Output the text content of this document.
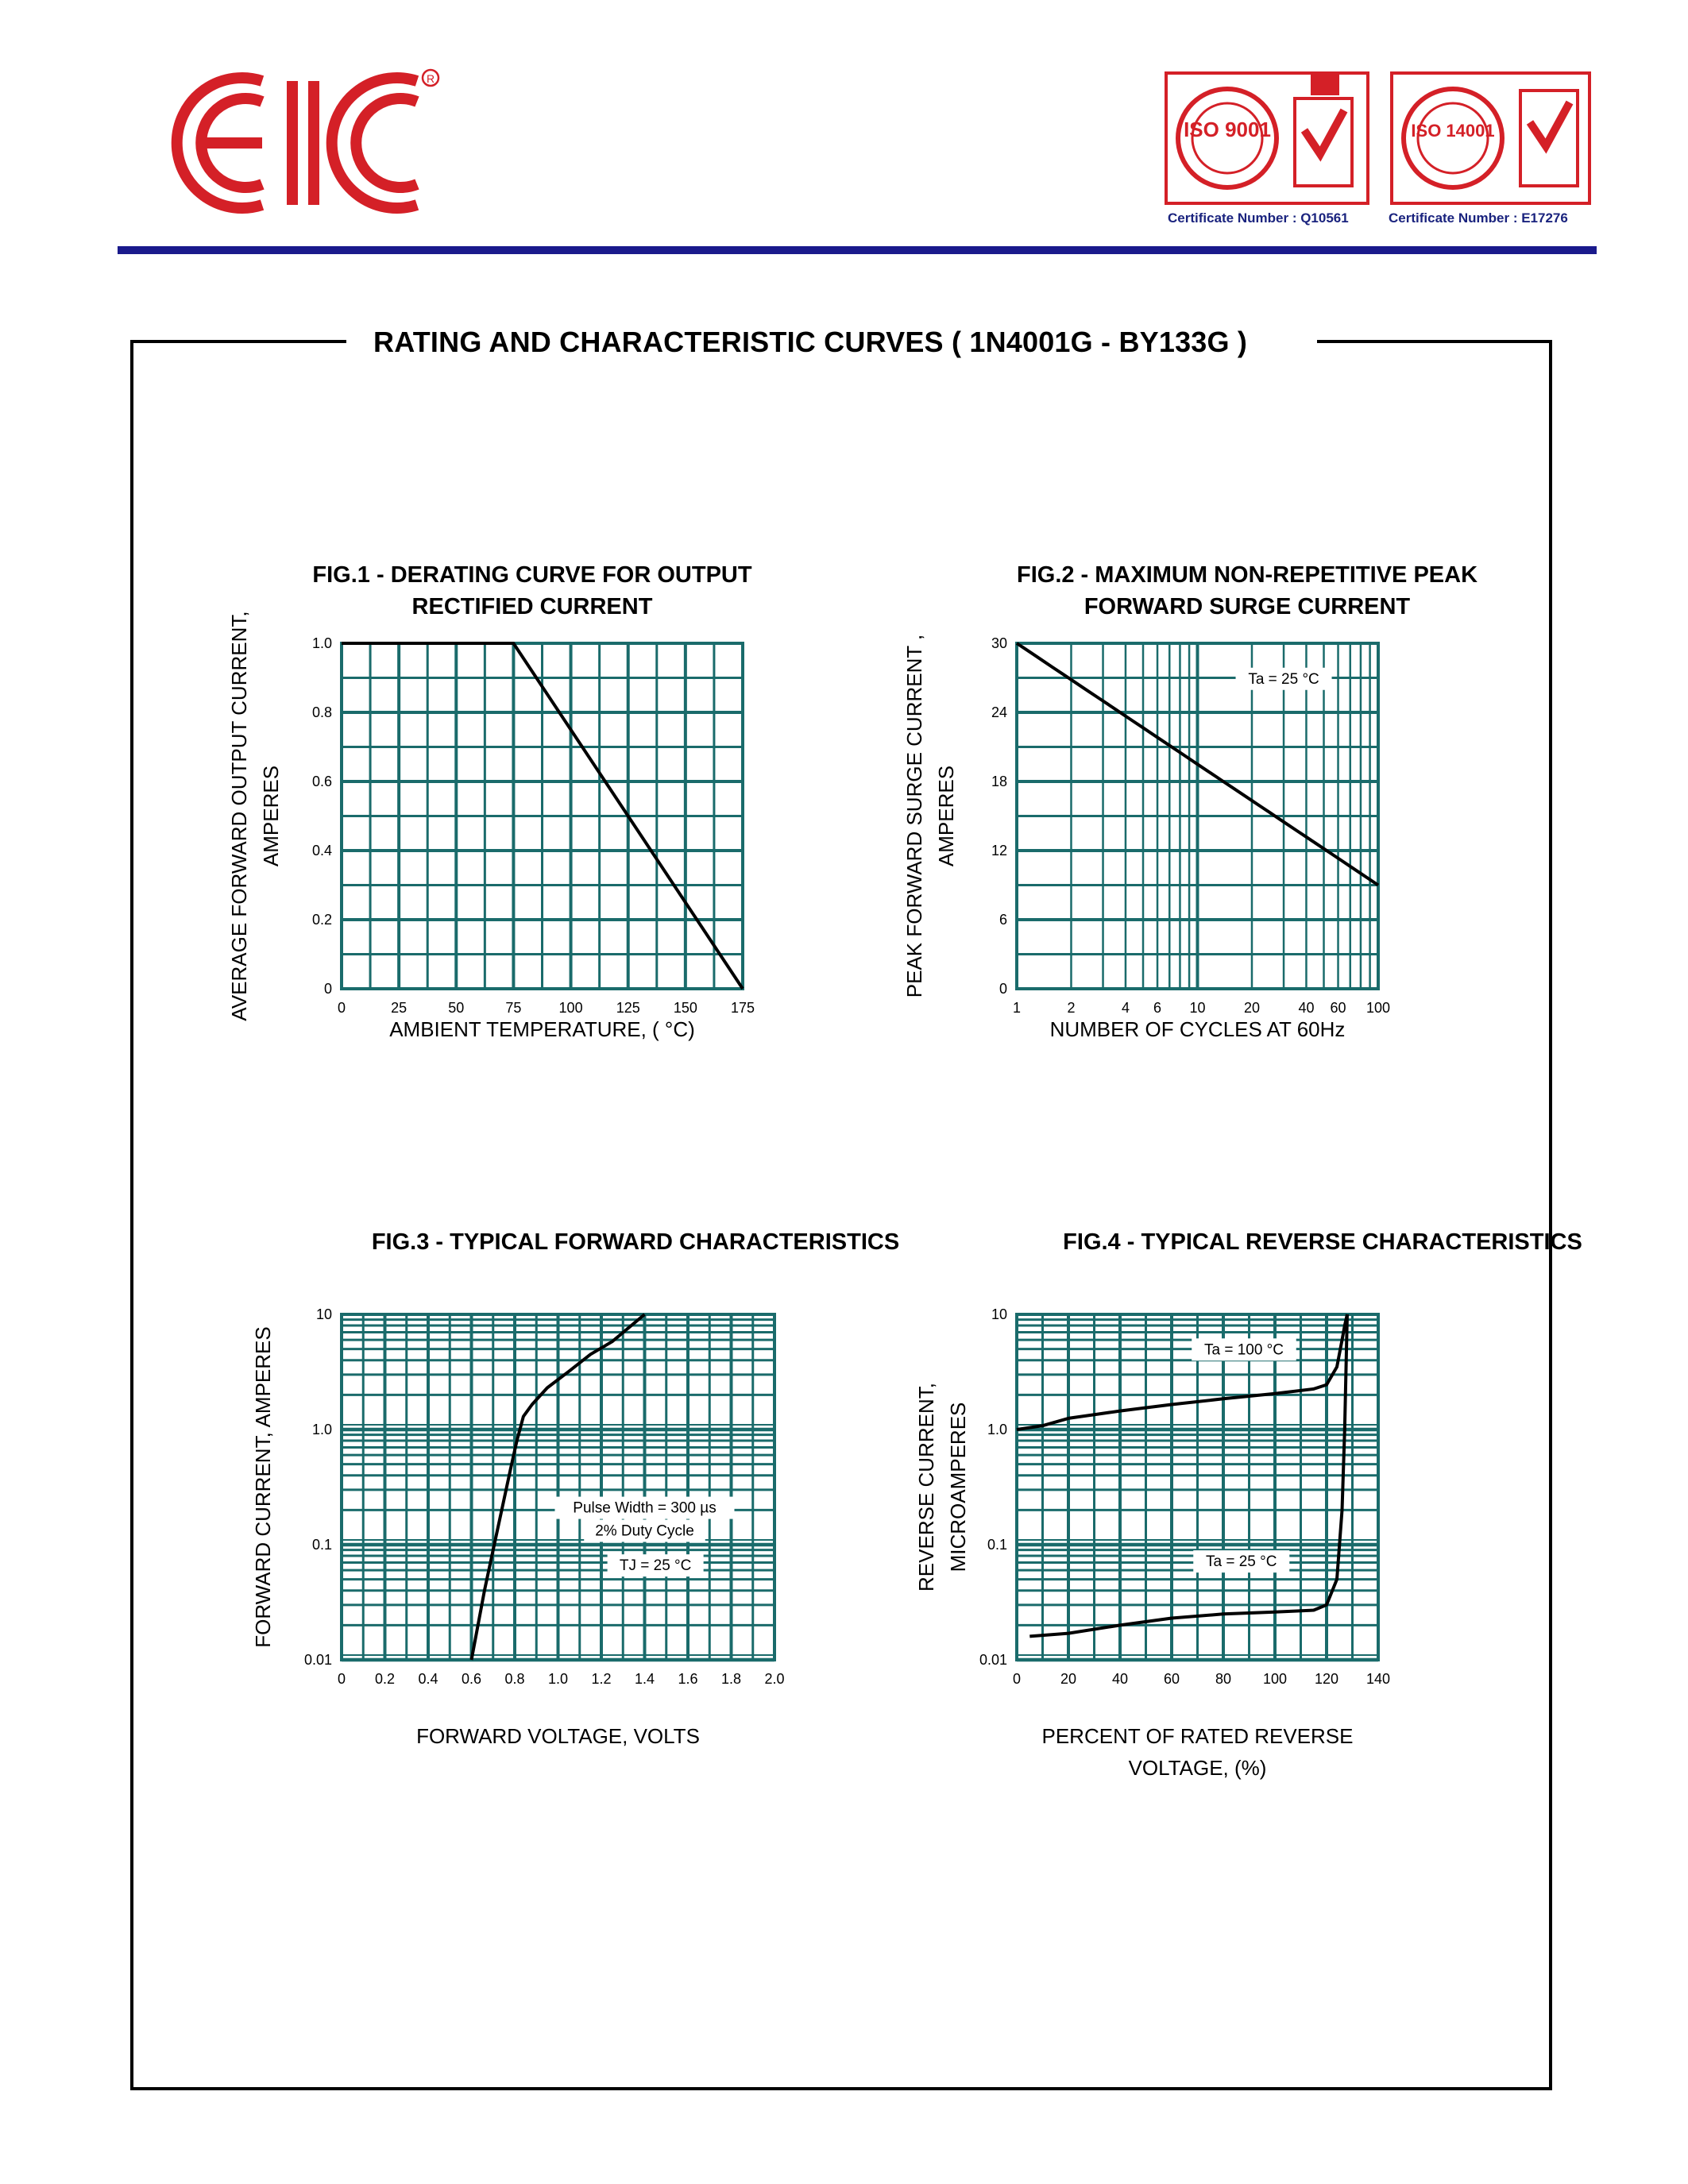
R
EIC
ISO 9001	ISO 14001
Certificate Number : Q10561	Certificate Number : E17276
RATING AND CHARACTERISTIC CURVES ( 1N4001G - BY133G )
0	25	50	75	100 125 150 175
0
0.2
0.4
0.6
0.8
1.0
FIG.1 - DERATING CURVE FOR OUTPUT
RECTIFIED CURRENT
AVERAGE FORWARD OUTPUT CURRENT, AMPERES
AMBIENT TEMPERATURE, ( °C)
1	2	4 6 10	20	40 60 100
0
6
12
18
24
30
FIG.2 - MAXIMUM NON-REPETITIVE PEAK
FORWARD SURGE CURRENT
PEAK FORWARD SURGE CURRENT , AMPERES
NUMBER OF CYCLES AT 60Hz
Ta = 25 °C
0 0.2 0.4 0.6 0.8 1.0 1.2 1.4 1.6 1.8 2.0
0.01
0.1
1.0
10
FIG.3 - TYPICAL FORWARD CHARACTERISTICS
FORWARD CURRENT, AMPERES
FORWARD VOLTAGE, VOLTS
Pulse Width = 300 µs
2% Duty Cycle
TJ = 25 °C
0	20 40 60 80 100 120 140
0.01
0.1
1.0
10
FIG.4 - TYPICAL REVERSE CHARACTERISTICS
REVERSE CURRENT, MICROAMPERES
PERCENT OF RATED REVERSE
VOLTAGE, (%)
Ta = 100 °C
Ta = 25 °C
